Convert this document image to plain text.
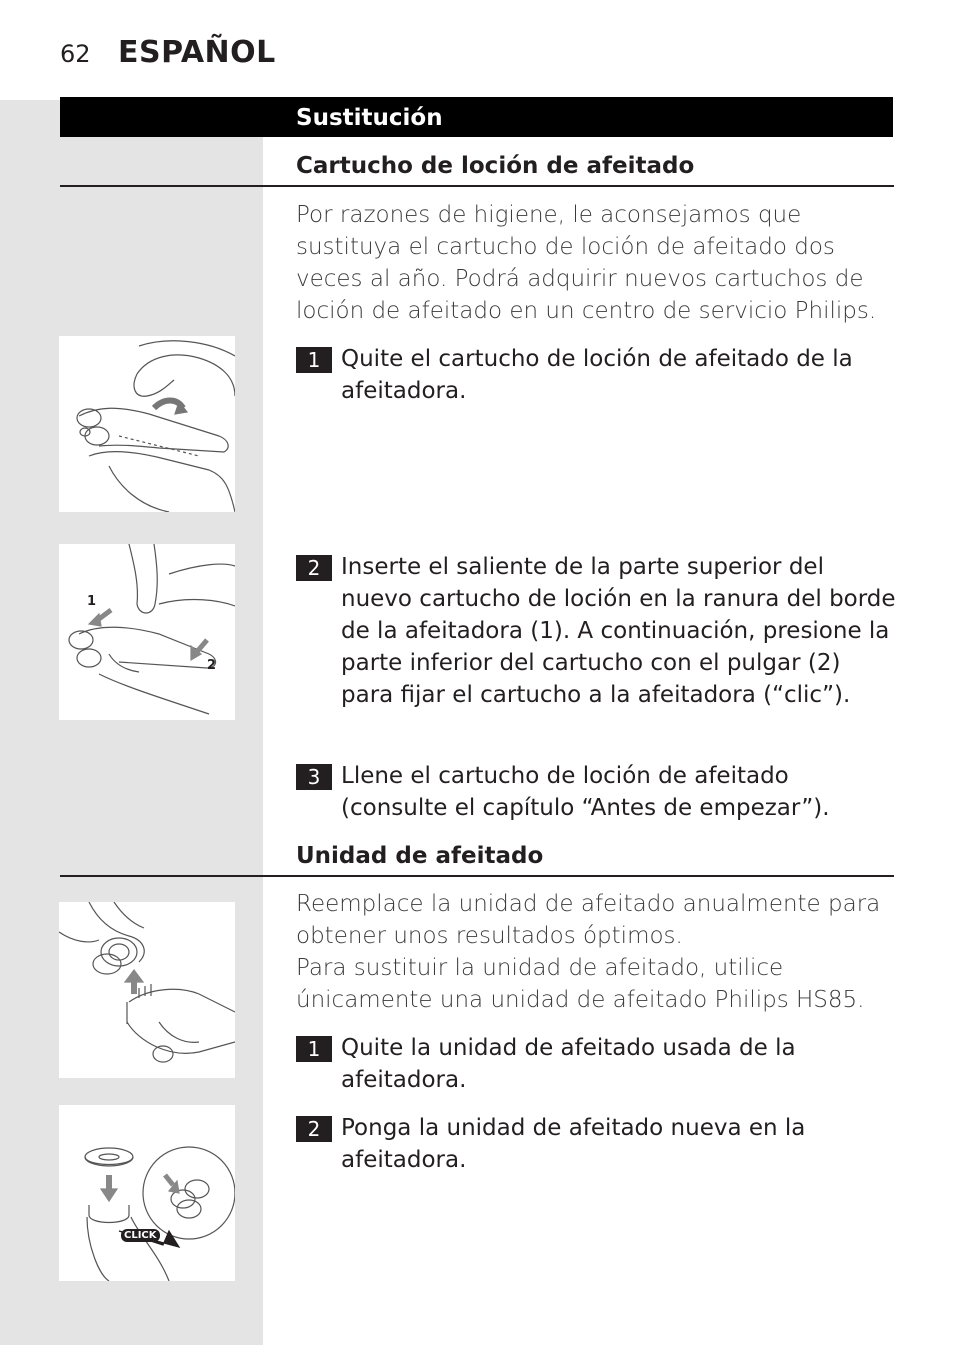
62 ESPAÑOL
Sustitución
Cartucho de loción de afeitado

Por razones de higiene, le aconsejamos que sustituya el cartucho de loción de afeitado dos veces al año. Podrá adquirir nuevos cartuchos de loción de afeitado en un centro de servicio Philips.

1 Quite el cartucho de loción de afeitado de la afeitadora.
2 Inserte el saliente de la parte superior del nuevo cartucho de loción en la ranura del borde de la afeitadora (1). A continuación, presione la parte inferior del cartucho con el pulgar (2) para fijar el cartucho a la afeitadora (“clic”).
3 Llene el cartucho de loción de afeitado (consulte el capítulo “Antes de empezar”).
Unidad de afeitado

Reemplace la unidad de afeitado anualmente para obtener unos resultados óptimos.

Para sustituir la unidad de afeitado, utilice únicamente una unidad de afeitado Philips HS85.

1 Quite la unidad de afeitado usada de la afeitadora.
2 Ponga la unidad de afeitado nueva en la afeitadora.
1
2
CLICK
